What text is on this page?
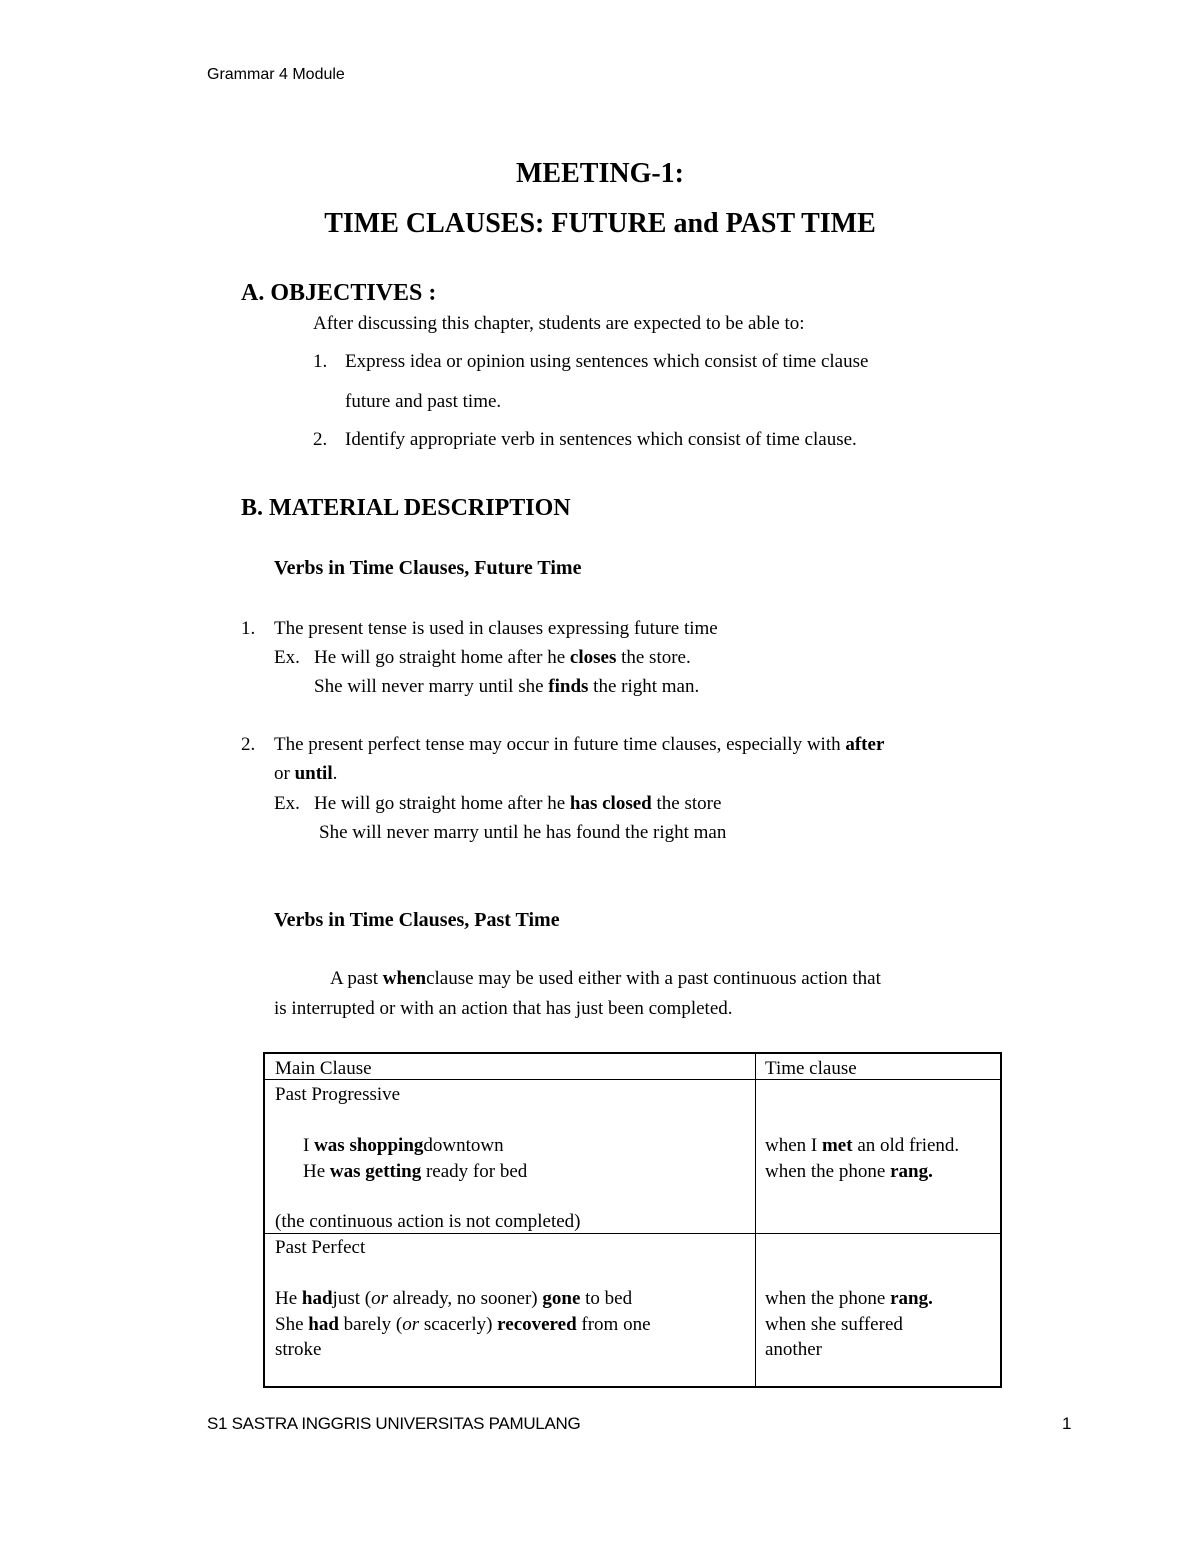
Grammar 4 Module
MEETING-1:
TIME CLAUSES: FUTURE and PAST TIME
A. OBJECTIVES :
After discussing this chapter, students are expected to be able to:
1. Express idea or opinion using sentences which consist of time clause
future and past time.
2. Identify appropriate verb in sentences which consist of time clause.
B. MATERIAL DESCRIPTION
Verbs in Time Clauses, Future Time
1. The present tense is used in clauses expressing future time
Ex. He will go straight home after he closes the store.
She will never marry until she finds the right man.
2. The present perfect tense may occur in future time clauses, especially with after
or until.
Ex. He will go straight home after he has closed the store
She will never marry until he has found the right man
Verbs in Time Clauses, Past Time
A past whenclause may be used either with a past continuous action that
is interrupted or with an action that has just been completed.
Main Clause	Time clause
Past Progressive
I was shoppingdowntown
He was getting ready for bed
(the continuous action is not completed)
when I met an old friend.
when the phone rang.
Past Perfect
He hadjust (or already, no sooner) gone to bed
She had barely (or scacerly) recovered from one
stroke
when the phone rang.
when she suffered
another
S1 SASTRA INGGRIS UNIVERSITAS PAMULANG	1
